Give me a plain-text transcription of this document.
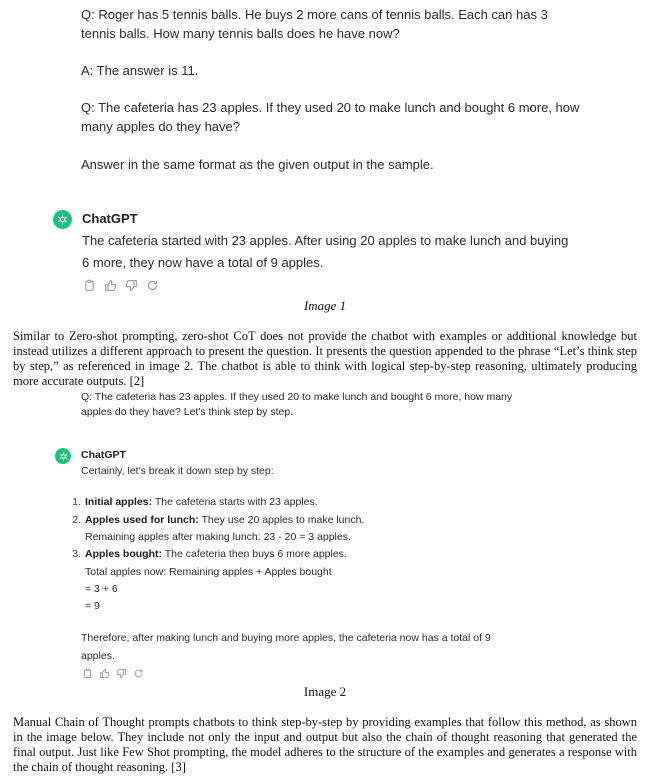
Q: Roger has 5 tennis balls. He buys 2 more cans of tennis balls. Each can has 3 tennis balls. How many tennis balls does he have now?
A: The answer is 11.
Q: The cafeteria has 23 apples. If they used 20 to make lunch and bought 6 more, how many apples do they have?
Answer in the same format as the given output in the sample.
ChatGPT
The cafeteria started with 23 apples. After using 20 apples to make lunch and buying 6 more, they now have a total of 9 apples.
Image 1
Similar to Zero-shot prompting, zero-shot CoT does not provide the chatbot with examples or additional knowledge but instead utilizes a different approach to present the question. It presents the question appended to the phrase “Let’s think step by step,” as referenced in image 2. The chatbot is able to think with logical step-by-step reasoning, ultimately producing more accurate outputs. [2]
Q: The cafeteria has 23 apples. If they used 20 to make lunch and bought 6 more, how many apples do they have? Let's think step by step.
ChatGPT
Certainly, let's break it down step by step:
1. Initial apples: The cafeteria starts with 23 apples.
2. Apples used for lunch: They use 20 apples to make lunch.
Remaining apples after making lunch: 23 - 20 = 3 apples.
3. Apples bought: The cafeteria then buys 6 more apples.
Total apples now: Remaining apples + Apples bought
= 3 + 6
= 9
Therefore, after making lunch and buying more apples, the cafeteria now has a total of 9 apples.
Image 2
Manual Chain of Thought prompts chatbots to think step-by-step by providing examples that follow this method, as shown in the image below. They include not only the input and output but also the chain of thought reasoning that generated the final output. Just like Few Shot prompting, the model adheres to the structure of the examples and generates a response with the chain of thought reasoning. [3]
